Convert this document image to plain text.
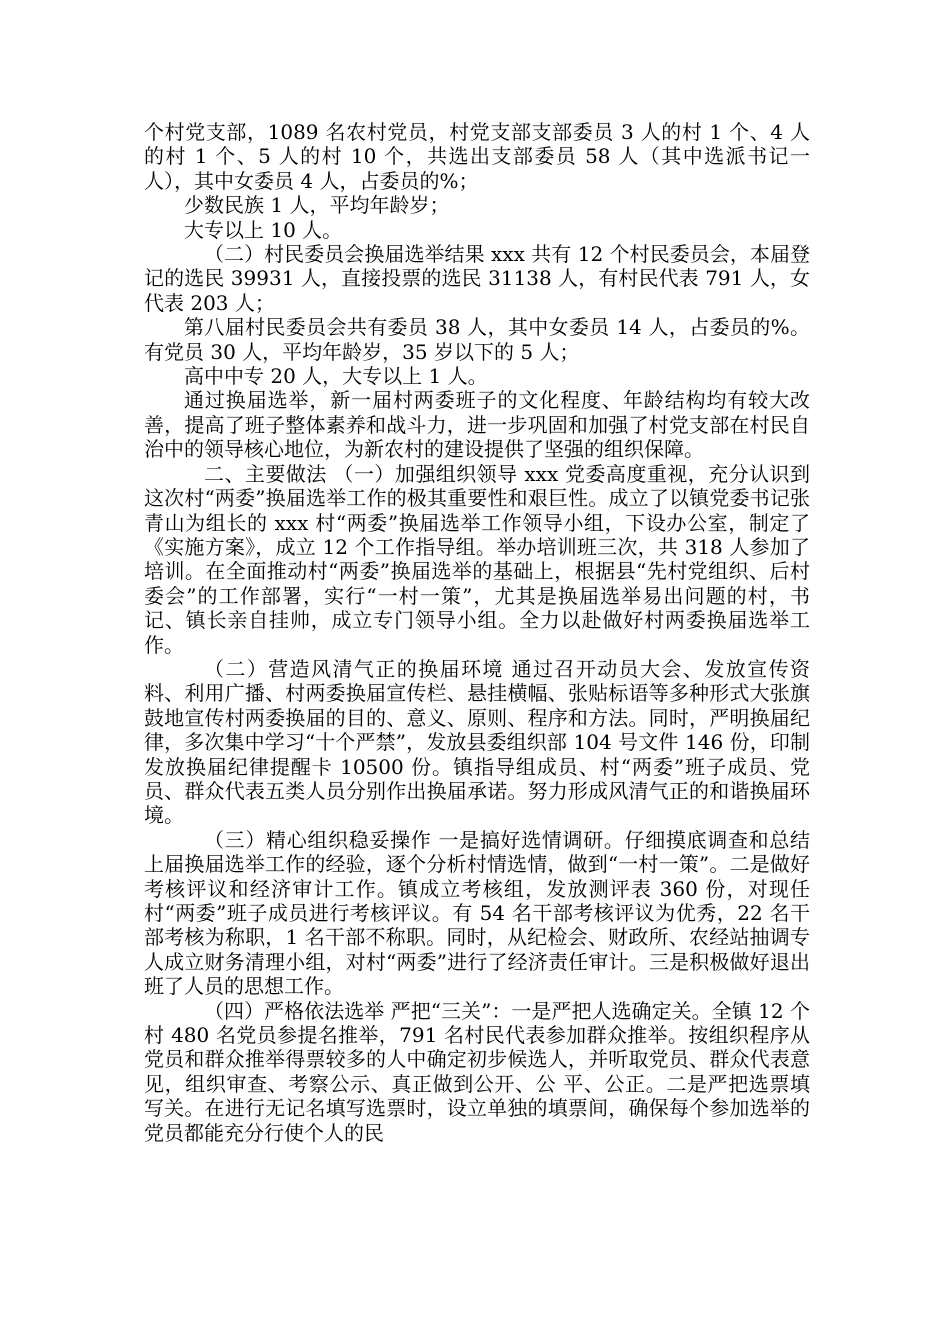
个村党支部，1089 名农村党员，村党支部支部委员 3 人的村 1 个、4 人的村 1 个、5 人的村 10 个，共选出支部委员 58 人（其中选派书记一人），其中女委员 4 人，占委员的%；

少数民族 1 人，平均年龄岁；

大专以上 10 人。

（二）村民委员会换届选举结果 xxx 共有 12 个村民委员会，本届登记的选民 39931 人，直接投票的选民 31138 人，有村民代表 791 人，女代表 203 人；

第八届村民委员会共有委员 38 人，其中女委员 14 人，占委员的%。有党员 30 人，平均年龄岁，35 岁以下的 5 人；

高中中专 20 人，大专以上 1 人。

通过换届选举，新一届村两委班子的文化程度、年龄结构均有较大改善，提高了班子整体素养和战斗力，进一步巩固和加强了村党支部在村民自治中的领导核心地位，为新农村的建设提供了坚强的组织保障。

二、主要做法 （一）加强组织领导 xxx 党委高度重视，充分认识到这次村“两委”换届选举工作的极其重要性和艰巨性。成立了以镇党委书记张青山为组长的 xxx 村“两委”换届选举工作领导小组，下设办公室，制定了《实施方案》，成立 12 个工作指导组。举办培训班三次，共 318 人参加了培训。在全面推动村“两委”换届选举的基础上，根据县“先村党组织、后村委会”的工作部署，实行“一村一策”，尤其是换届选举易出问题的村，书记、镇长亲自挂帅，成立专门领导小组。全力以赴做好村两委换届选举工作。

（二）营造风清气正的换届环境 通过召开动员大会、发放宣传资料、利用广播、村两委换届宣传栏、悬挂横幅、张贴标语等多种形式大张旗鼓地宣传村两委换届的目的、意义、原则、程序和方法。同时，严明换届纪律，多次集中学习“十个严禁”，发放县委组织部 104 号文件 146 份，印制发放换届纪律提醒卡 10500 份。镇指导组成员、村“两委”班子成员、党员、群众代表五类人员分别作出换届承诺。努力形成风清气正的和谐换届环境。

（三）精心组织稳妥操作 一是搞好选情调研。仔细摸底调查和总结上届换届选举工作的经验，逐个分析村情选情，做到“一村一策”。二是做好考核评议和经济审计工作。镇成立考核组，发放测评表 360 份，对现任村“两委”班子成员进行考核评议。有 54 名干部考核评议为优秀，22 名干部考核为称职，1 名干部不称职。同时，从纪检会、财政所、农经站抽调专人成立财务清理小组，对村“两委”进行了经济责任审计。三是积极做好退出班了人员的思想工作。

（四）严格依法选举 严把“三关”：一是严把人选确定关。全镇 12 个村 480 名党员参提名推举，791 名村民代表参加群众推举。按组织程序从党员和群众推举得票较多的人中确定初步候选人，并听取党员、群众代表意见，组织审查、考察公示、真正做到公开、公 平、公正。二是严把选票填写关。在进行无记名填写选票时，设立单独的填票间，确保每个参加选举的党员都能充分行使个人的民
